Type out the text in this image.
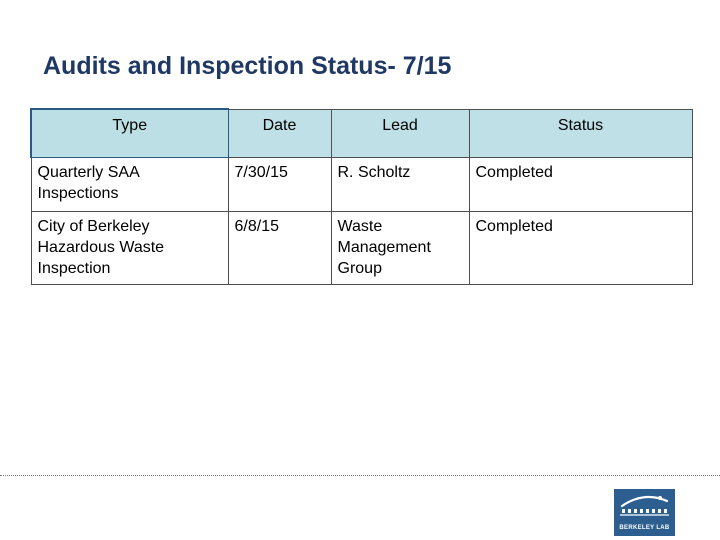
Audits and Inspection Status- 7/15
Type	Date	Lead	Status
Quarterly SAA Inspections	7/30/15	R. Scholtz	Completed
City of Berkeley Hazardous Waste Inspection	6/8/15	Waste Management Group	Completed
BERKELEY LAB
